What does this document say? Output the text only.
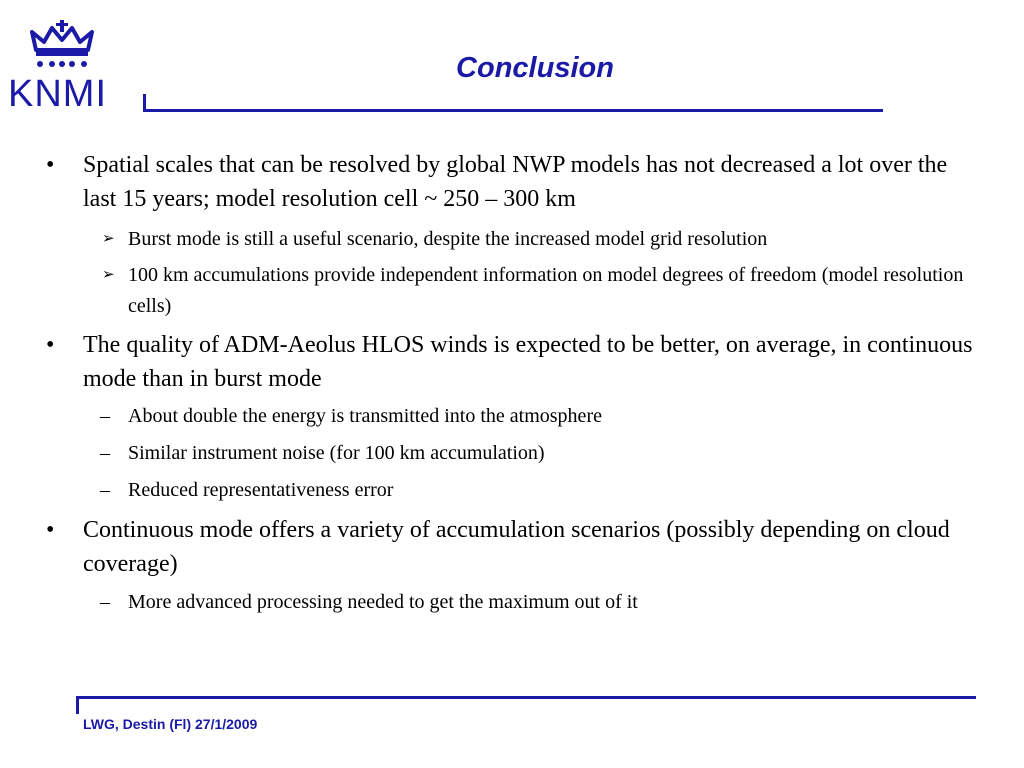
KNMI
Conclusion
• Spatial scales that can be resolved by global NWP models has not decreased a lot over the last 15 years; model resolution cell ~ 250 – 300 km
➢ Burst mode is still a useful scenario, despite the increased model grid resolution
➢ 100 km accumulations provide independent information on model degrees of freedom (model resolution cells)
• The quality of ADM-Aeolus HLOS winds is expected to be better, on average, in continuous mode than in burst mode
– About double the energy is transmitted into the atmosphere
– Similar instrument noise (for 100 km accumulation)
– Reduced representativeness error
• Continuous mode offers a variety of accumulation scenarios (possibly depending on cloud coverage)
– More advanced processing needed to get the maximum out of it
LWG, Destin (Fl) 27/1/2009
